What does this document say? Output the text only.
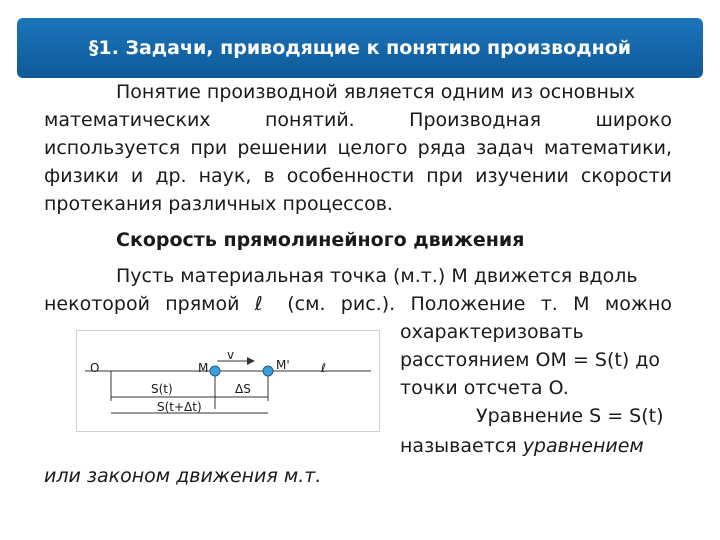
§1. Задачи, приводящие к понятию производной
Понятие производной является одним из основных
математических понятий. Производная широко
используется при решении целого ряда задач математики,
физики и др. наук, в особенности при изучении скорости
протекания различных процессов.
Скорость прямолинейного движения
Пусть материальная точка (м.т.) M движется вдоль
некоторой прямой ℓ (см. рис.). Положение т. M можно
O	M
v
M'	ℓ
S(t)	ΔS
S(t+Δt)
охарактеризовать
расстоянием OM = S(t) до
точки отсчета O.
Уравнение S = S(t)
называется уравнением
или законом движения м.т.
